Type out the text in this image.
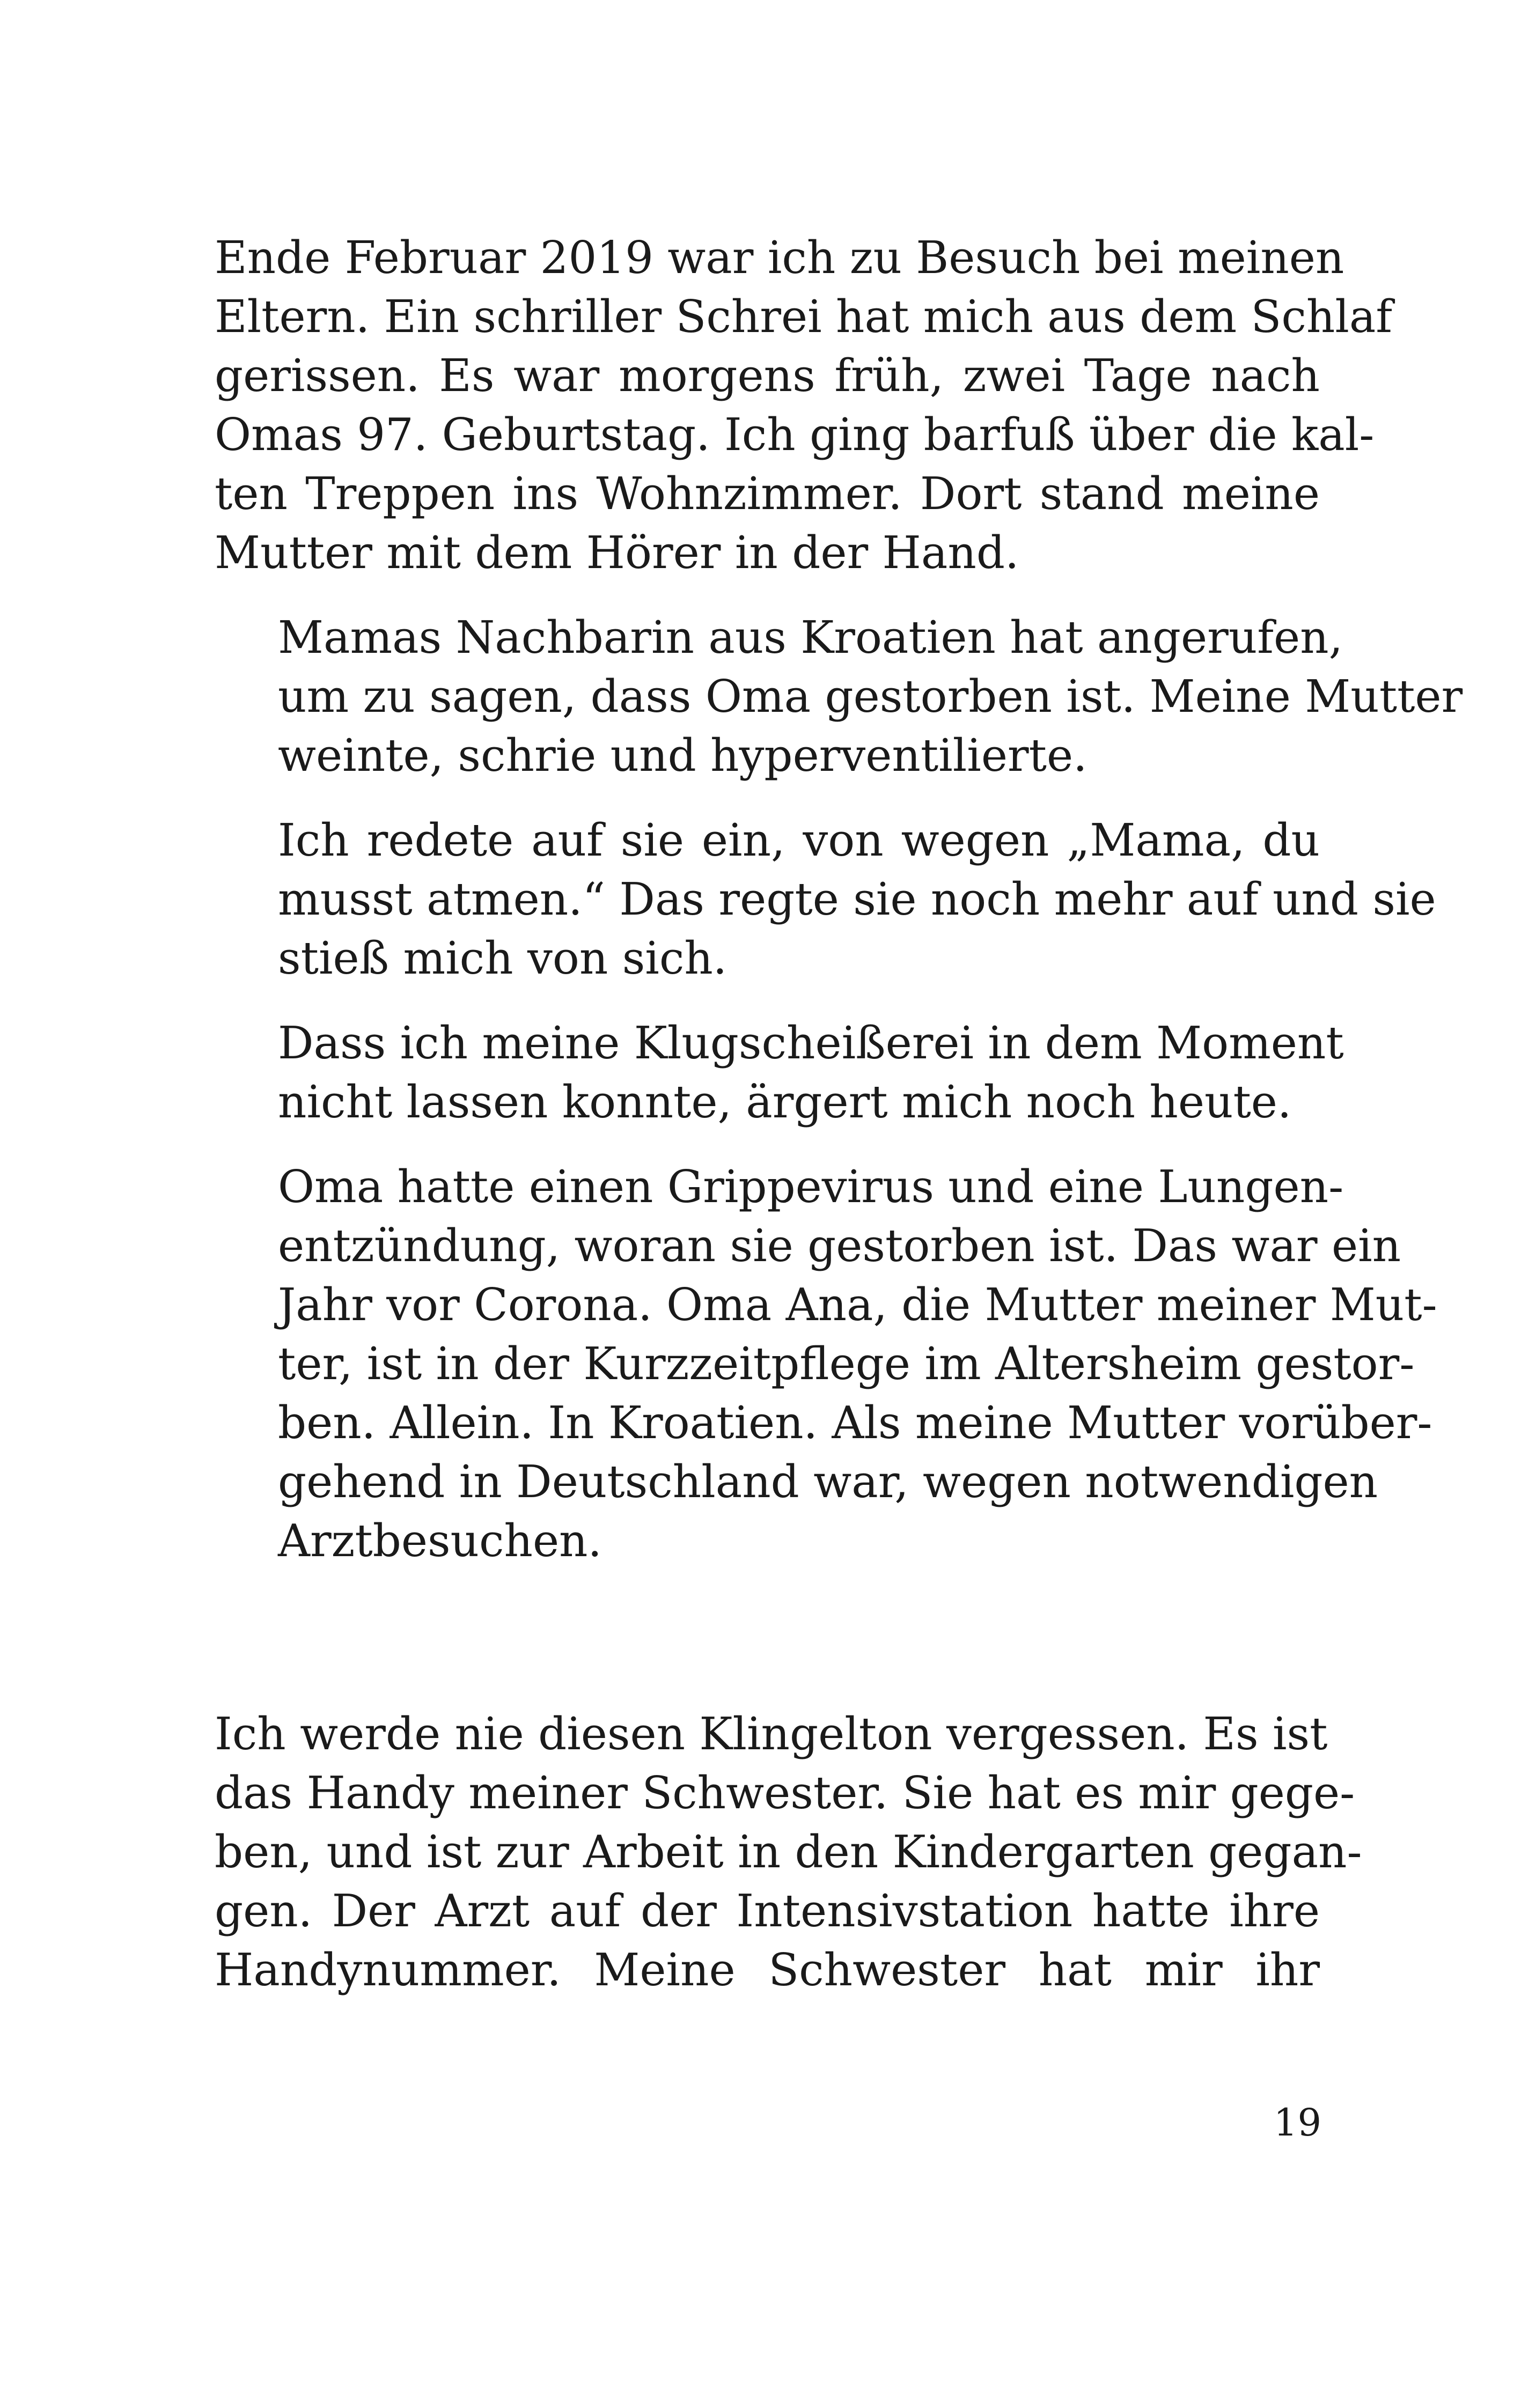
Ende Februar 2019 war ich zu Besuch bei meinen
Eltern. Ein schriller Schrei hat mich aus dem Schlaf
gerissen. Es war morgens früh, zwei Tage nach
Omas 97. Geburtstag. Ich ging barfuß über die kal-
ten Treppen ins Wohnzimmer. Dort stand meine
Mutter mit dem Hörer in der Hand.

Mamas Nachbarin aus Kroatien hat angerufen,
um zu sagen, dass Oma gestorben ist. Meine Mutter
weinte, schrie und hyperventilierte.

Ich redete auf sie ein, von wegen „Mama, du
musst atmen.“ Das regte sie noch mehr auf und sie
stieß mich von sich.

Dass ich meine Klugscheißerei in dem Moment
nicht lassen konnte, ärgert mich noch heute.

Oma hatte einen Grippevirus und eine Lungen-
entzündung, woran sie gestorben ist. Das war ein
Jahr vor Corona. Oma Ana, die Mutter meiner Mut-
ter, ist in der Kurzzeitpflege im Altersheim gestor-
ben. Allein. In Kroatien. Als meine Mutter vorüber-
gehend in Deutschland war, wegen notwendigen
Arztbesuchen.

Ich werde nie diesen Klingelton vergessen. Es ist
das Handy meiner Schwester. Sie hat es mir gege-
ben, und ist zur Arbeit in den Kindergarten gegan-
gen. Der Arzt auf der Intensivstation hatte ihre
Handynummer. Meine Schwester hat mir ihr

19
